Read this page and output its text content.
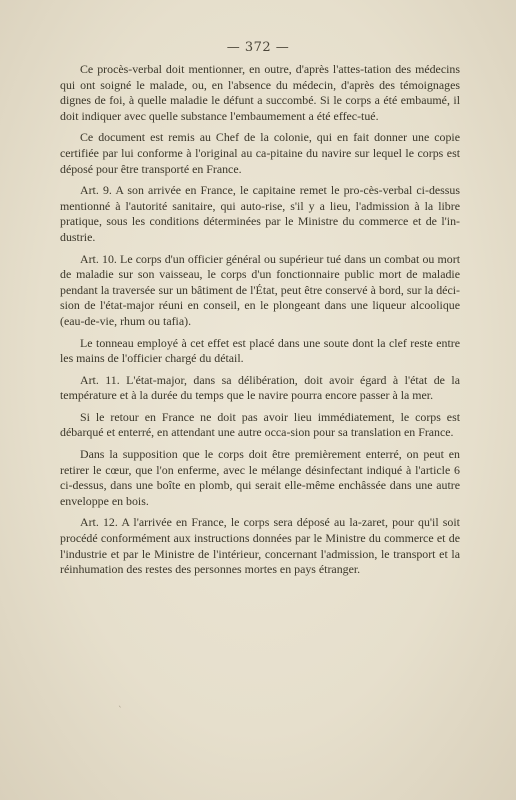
— 372 —

Ce procès-verbal doit mentionner, en outre, d'après l'attes-tation des médecins qui ont soigné le malade, ou, en l'absence du médecin, d'après des témoignages dignes de foi, à quelle maladie le défunt a succombé. Si le corps a été embaumé, il doit indiquer avec quelle substance l'embaumement a été effec-tué.

Ce document est remis au Chef de la colonie, qui en fait donner une copie certifiée par lui conforme à l'original au ca-pitaine du navire sur lequel le corps est déposé pour être transporté en France.

Art. 9. A son arrivée en France, le capitaine remet le pro-cès-verbal ci-dessus mentionné à l'autorité sanitaire, qui auto-rise, s'il y a lieu, l'admission à la libre pratique, sous les conditions déterminées par le Ministre du commerce et de l'in-dustrie.

Art. 10. Le corps d'un officier général ou supérieur tué dans un combat ou mort de maladie sur son vaisseau, le corps d'un fonctionnaire public mort de maladie pendant la traversée sur un bâtiment de l'État, peut être conservé à bord, sur la déci-sion de l'état-major réuni en conseil, en le plongeant dans une liqueur alcoolique (eau-de-vie, rhum ou tafia).

Le tonneau employé à cet effet est placé dans une soute dont la clef reste entre les mains de l'officier chargé du détail.

Art. 11. L'état-major, dans sa délibération, doit avoir égard à l'état de la température et à la durée du temps que le navire pourra encore passer à la mer.

Si le retour en France ne doit pas avoir lieu immédiatement, le corps est débarqué et enterré, en attendant une autre occa-sion pour sa translation en France.

Dans la supposition que le corps doit être premièrement enterré, on peut en retirer le cœur, que l'on enferme, avec le mélange désinfectant indiqué à l'article 6 ci-dessus, dans une boîte en plomb, qui serait elle-même enchâssée dans une autre enveloppe en bois.

Art. 12. A l'arrivée en France, le corps sera déposé au la-zaret, pour qu'il soit procédé conformément aux instructions données par le Ministre du commerce et de l'industrie et par le Ministre de l'intérieur, concernant l'admission, le transport et la réinhumation des restes des personnes mortes en pays étranger.

ˋ
